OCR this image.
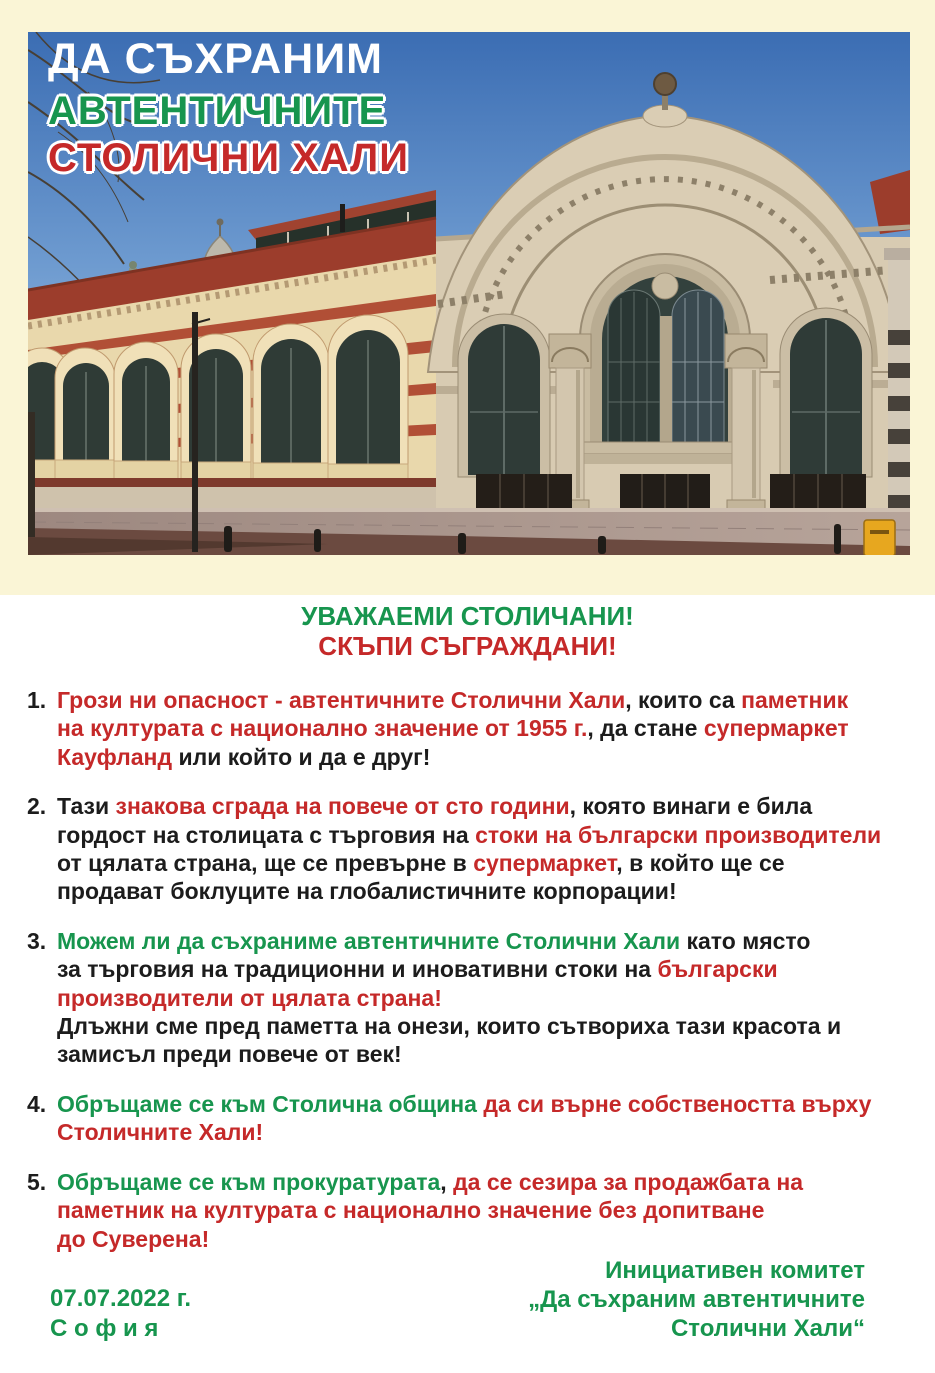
ДА СЪХРАНИМ
АВТЕНТИЧНИТЕ
СТОЛИЧНИ ХАЛИ
УВАЖАЕМИ СТОЛИЧАНИ!
СКЪПИ СЪГРАЖДАНИ!
1. Грози ни опасност - автентичните Столични Хали, които са паметник
на културата с национално значение от 1955 г., да стане супермаркет
Кауфланд или който и да е друг!
2. Тази знакова сграда на повече от сто години, която винаги е била
гордост на столицата с търговия на стоки на български производители
от цялата страна, ще се превърне в супермаркет, в който ще се
продават боклуците на глобалистичните корпорации!
3. Можем ли да съхраниме автентичните Столични Хали като място
за търговия на традиционни и иновативни стоки на български
производители от цялата страна!
Длъжни сме пред паметта на онези, които сътвориха тази красота и
замисъл преди повече от век!
4. Обръщаме се към Столична община да си върне собствеността върху
Столичните Хали!
5. Обръщаме се към прокуратурата, да се сезира за продажбата на
паметник на културата с национално значение без допитване
до Суверена!
07.07.2022 г.
С о ф и я
Инициативен комитет
„Да съхраним автентичните
Столични Хали“
